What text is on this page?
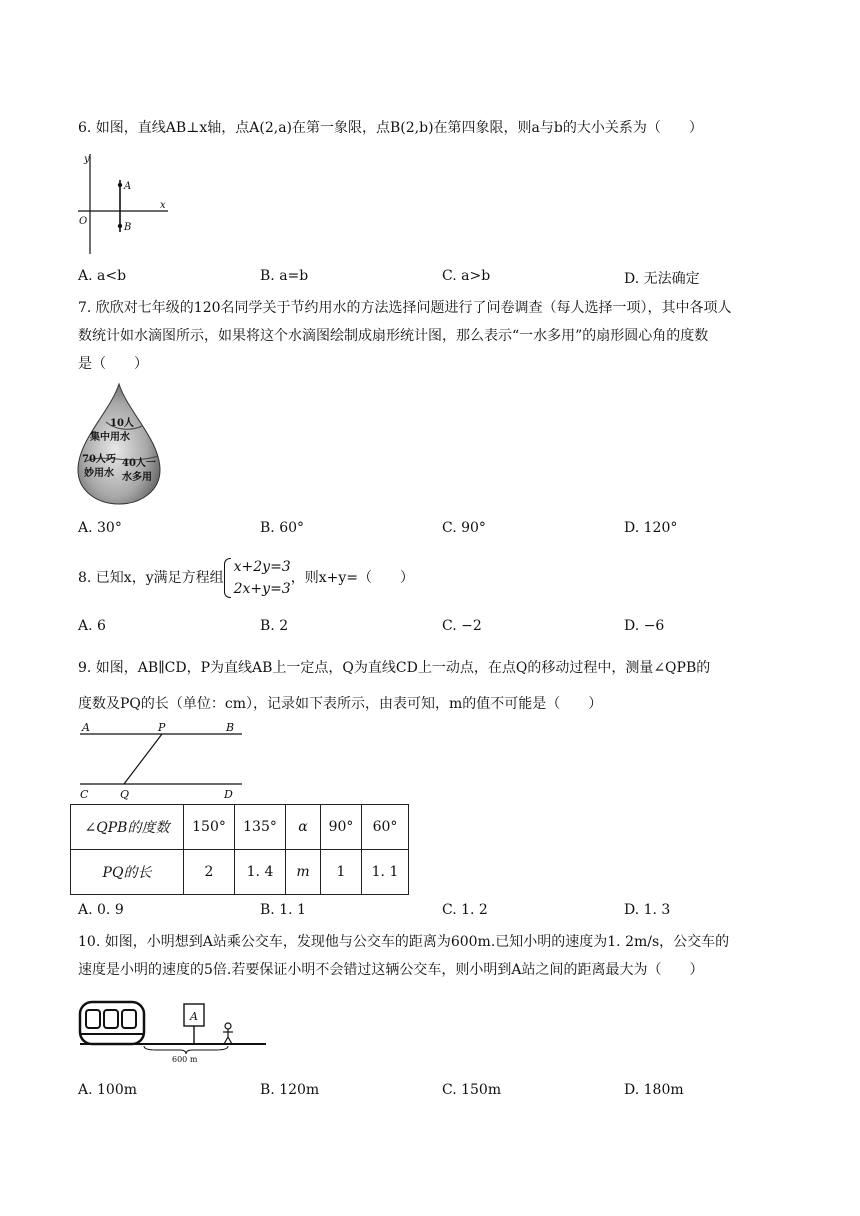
6. 如图，直线AB⊥x轴，点A(2,a)在第一象限，点B(2,b)在第四象限，则a与b的大小关系为（　　）

y
x
O
A
B
A. a<b	B. a=b	C. a>b	D. 无法确定

7. 欣欣对七年级的120名同学关于节约用水的方法选择问题进行了问卷调查（每人选择一项），其中各项人

数统计如水滴图所示，如果将这个水滴图绘制成扇形统计图，那么表示“一水多用”的扇形圆心角的度数

是（　　）

10人
集中用水
70人巧 40人一
妙用水 水多用
A. 30°	B. 60°	C. 90°	D. 120°
8. 已知x，y满足方程组
x+2y=3
2x+y=3
，则x+y=（　　）
A. 6	B. 2	C. −2	D. −6

9. 如图，AB∥CD，P为直线AB上一定点，Q为直线CD上一动点，在点Q的移动过程中，测量∠QPB的

度数及PQ的长（单位：cm），记录如下表所示，由表可知，m的值不可能是（　　）

A	P	B
C	Q	D
∠QPB的度数	150°	135°	α	90°	60°
PQ的长	2	1. 4	m	1	1. 1
A. 0. 9	B. 1. 1	C. 1. 2	D. 1. 3

10. 如图，小明想到A站乘公交车，发现他与公交车的距离为600m.已知小明的速度为1. 2m/s，公交车的

速度是小明的速度的5倍.若要保证小明不会错过这辆公交车，则小明到A站之间的距离最大为（　　）

A
600 m
A. 100m	B. 120m	C. 150m	D. 180m
